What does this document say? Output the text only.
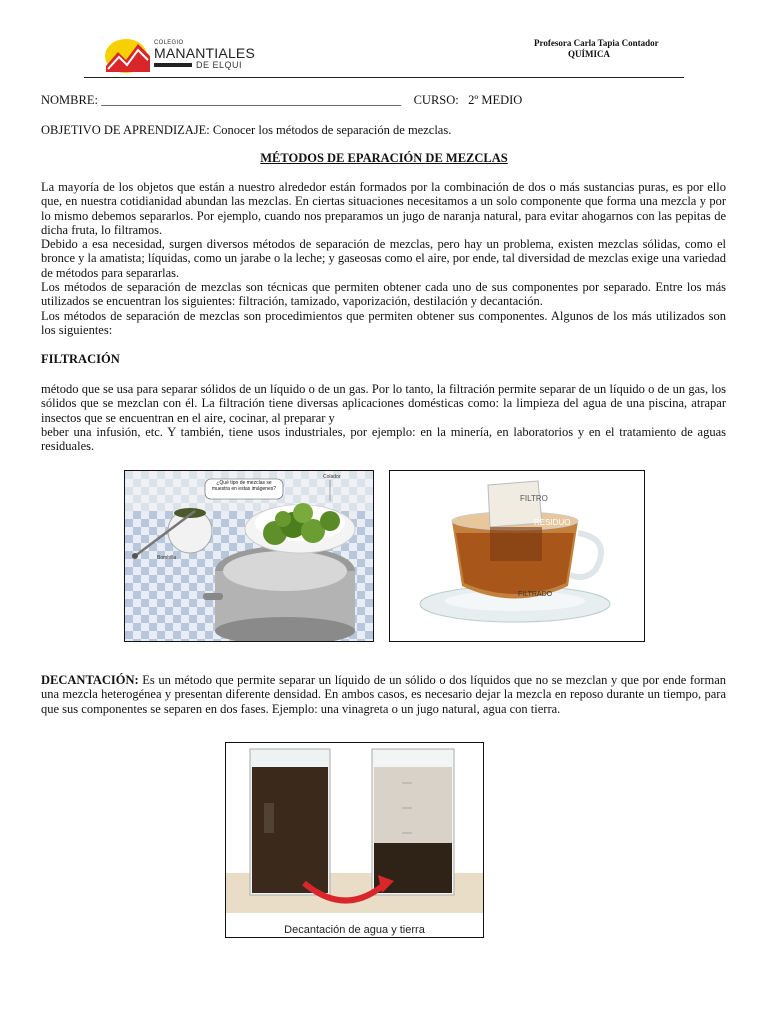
COLEGIO
MANANTIALES
DE ELQUI
Profesora Carla Tapia Contador
QUÍMICA
NOMBRE: ________________________________________________ CURSO: 2º MEDIO
OBJETIVO DE APRENDIZAJE: Conocer los métodos de separación de mezclas.
MÉTODOS DE EPARACIÓN DE MEZCLAS
La mayoría de los objetos que están a nuestro alrededor están formados por la combinación de dos o más sustancias puras, es por ello que, en nuestra cotidianidad abundan las mezclas. En ciertas situaciones necesitamos a un solo componente que forma una mezcla y por lo mismo debemos separarlos. Por ejemplo, cuando nos preparamos un jugo de naranja natural, para evitar ahogarnos con las pepitas de dicha fruta, lo filtramos.
Debido a esa necesidad, surgen diversos métodos de separación de mezclas, pero hay un problema, existen mezclas sólidas, como el bronce y la amatista; líquidas, como un jarabe o la leche; y gaseosas como el aire, por ende, tal diversidad de mezclas exige una variedad de métodos para separarlas.
Los métodos de separación de mezclas son técnicas que permiten obtener cada uno de sus componentes por separado. Entre los más utilizados se encuentran los siguientes: filtración, tamizado, vaporización, destilación y decantación.
Los métodos de separación de mezclas son procedimientos que permiten obtener sus componentes. Algunos de los más utilizados son los siguientes:
FILTRACIÓN
método que se usa para separar sólidos de un líquido o de un gas. Por lo tanto, la filtración permite separar de un líquido o de un gas, los sólidos que se mezclan con él. La filtración tiene diversas aplicaciones domésticas como: la limpieza del agua de una piscina, atrapar insectos que se encuentran en el aire, cocinar, al preparar y
beber una infusión, etc. Y también, tiene usos industriales, por ejemplo: en la minería, en laboratorios y en el tratamiento de aguas residuales.
¿Qué tipo de mezclas se muestra en estas imágenes?
Colador
Bombilla
FILTRO
RESIDUO
FILTRADO
DECANTACIÓN: Es un método que permite separar un líquido de un sólido o dos líquidos que no se mezclan y que por ende forman una mezcla heterogénea y presentan diferente densidad. En ambos casos, es necesario dejar la mezcla en reposo durante un tiempo, para que sus componentes se separen en dos fases. Ejemplo: una vinagreta o un jugo natural, agua con tierra.
Decantación de agua y tierra
